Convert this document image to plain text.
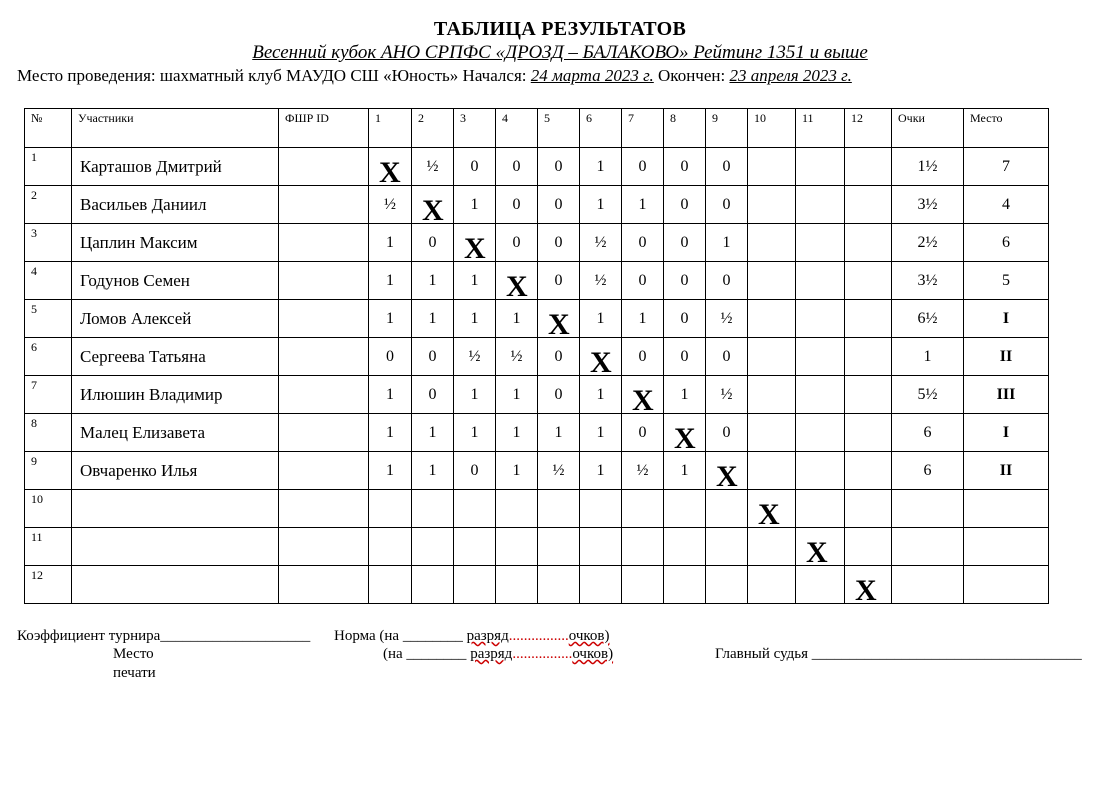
ТАБЛИЦА РЕЗУЛЬТАТОВ
Весенний кубок АНО СРПФС «ДРОЗД – БАЛАКОВО» Рейтинг 1351 и выше
Место проведения: шахматный клуб МАУДО СШ «Юность» Начался: 24 марта 2023 г. Окончен: 23 апреля 2023 г.
№	Участники	ФШР ID	1	2	3	4	5	6	7	8	9	10	11	12	Очки	Место
1	Карташов Дмитрий		X	½	0	0	0	1	0	0	0				1½	7
2	Васильев Даниил		½	X	1	0	0	1	1	0	0				3½	4
3	Цаплин Максим		1	0	X	0	0	½	0	0	1				2½	6
4	Годунов Семен		1	1	1	X	0	½	0	0	0				3½	5
5	Ломов Алексей		1	1	1	1	X	1	1	0	½				6½	I
6	Сергеева Татьяна		0	0	½	½	0	X	0	0	0				1	II
7	Илюшин Владимир		1	0	1	1	0	1	X	1	½				5½	III
8	Малец Елизавета		1	1	1	1	1	1	0	X	0				6	I
9	Овчаренко Илья		1	1	0	1	½	1	½	1	X				6	II
10												X				

11													X			

12														X		

Коэффициент турнира____________________ Норма (на ________ разряд................очков)
Место
печати
(на ________ разряд................очков)	Главный судья ____________________________________
